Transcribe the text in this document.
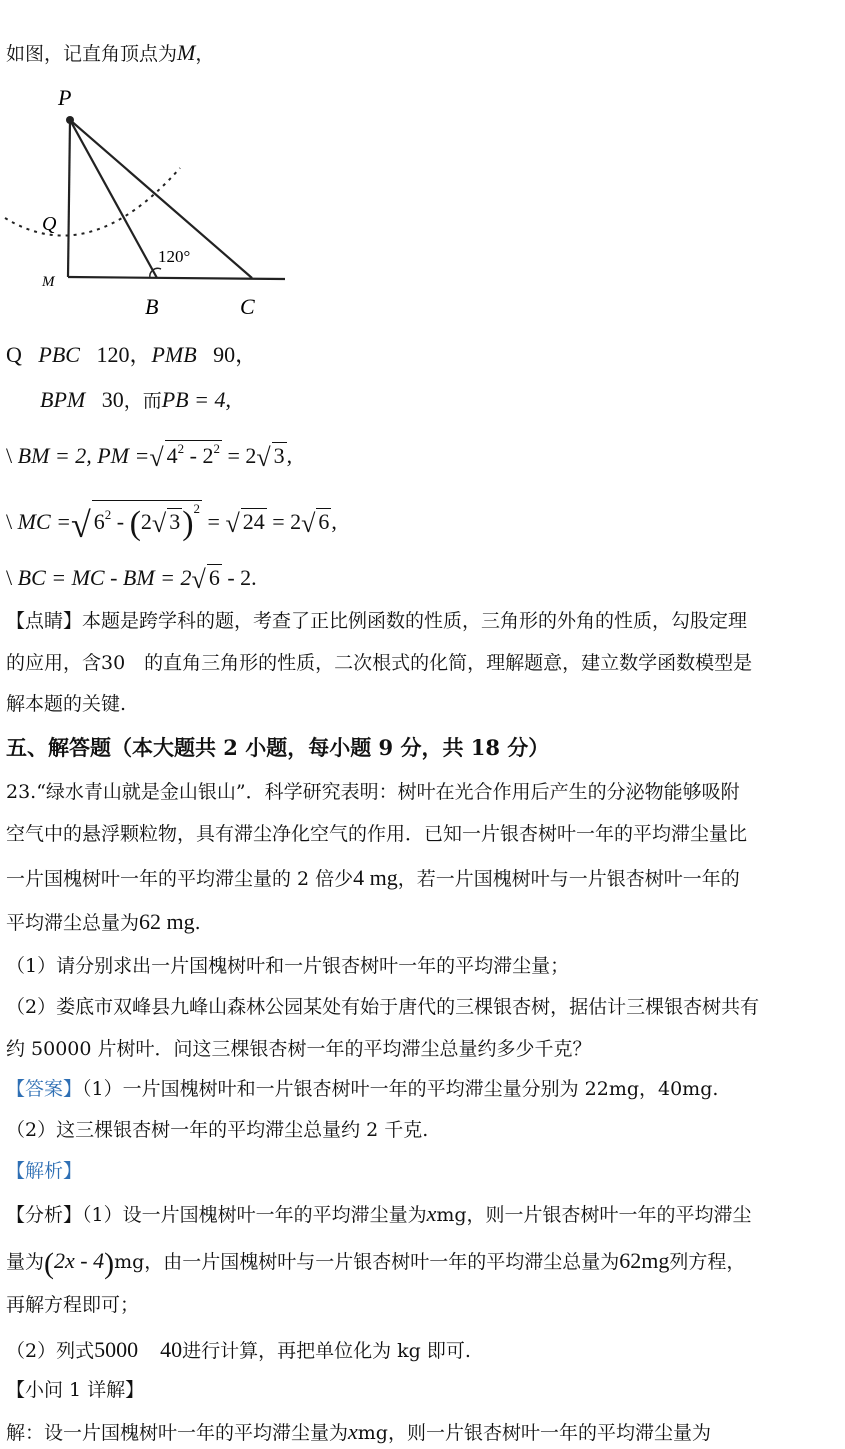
如图，记直角顶点为M，
P
Q
M
B	C
120°
Q PBC 120，PMB 90，
BPM 30，而PB = 4,
\ BM = 2, PM =√ $4^2 - 2^2 = 2√$ 3,
\ MC =√ $6^2 - (2√$ 3)$^2$ = √ 24 = 2√ 6,
\ BC = MC - BM = 2√ 6 - 2.
【点睛】本题是跨学科的题，考查了正比例函数的性质，三角形的外角的性质，勾股定理
的应用，含30　的直角三角形的性质，二次根式的化简，理解题意，建立数学函数模型是
解本题的关键.
五、解答题（本大题共 2 小题，每小题 9 分，共 18 分）
23.“绿水青山就是金山银山”．科学研究表明：树叶在光合作用后产生的分泌物能够吸附
空气中的悬浮颗粒物，具有滞尘净化空气的作用．已知一片银杏树叶一年的平均滞尘量比
一片国槐树叶一年的平均滞尘量的 2 倍少4 mg，若一片国槐树叶与一片银杏树叶一年的
平均滞尘总量为62 mg.
（1）请分别求出一片国槐树叶和一片银杏树叶一年的平均滞尘量；
（2）娄底市双峰县九峰山森林公园某处有始于唐代的三棵银杏树，据估计三棵银杏树共有
约 50000 片树叶．问这三棵银杏树一年的平均滞尘总量约多少千克？
【答案】（1）一片国槐树叶和一片银杏树叶一年的平均滞尘量分别为 22mg，40mg.
（2）这三棵银杏树一年的平均滞尘总量约 2 千克.
【解析】
【分析】（1）设一片国槐树叶一年的平均滞尘量为xmg，则一片银杏树叶一年的平均滞尘
量为(2x - 4)mg，由一片国槐树叶与一片银杏树叶一年的平均滞尘总量为62mg列方程，
再解方程即可；
（2）列式5000　40进行计算，再把单位化为 kg 即可.
【小问 1 详解】
解：设一片国槐树叶一年的平均滞尘量为xmg，则一片银杏树叶一年的平均滞尘量为
